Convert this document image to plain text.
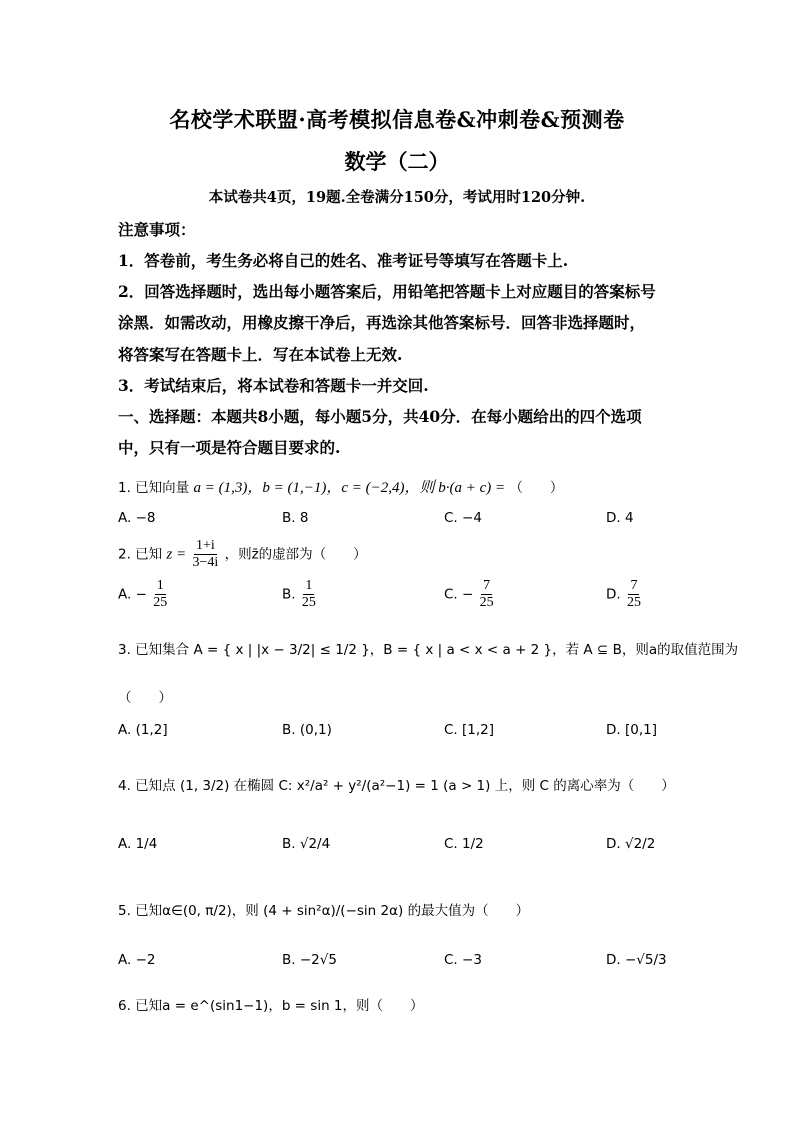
名校学术联盟·高考模拟信息卷&冲刺卷&预测卷
数学（二）
本试卷共4页，19题.全卷满分150分，考试用时120分钟.
注意事项：
1．答卷前，考生务必将自己的姓名、准考证号等填写在答题卡上.
2．回答选择题时，选出每小题答案后，用铅笔把答题卡上对应题目的答案标号
涂黑．如需改动，用橡皮擦干净后，再选涂其他答案标号．回答非选择题时，
将答案写在答题卡上．写在本试卷上无效.
3．考试结束后，将本试卷和答题卡一并交回.
一、选择题：本题共8小题，每小题5分，共40分．在每小题给出的四个选项
中，只有一项是符合题目要求的.
1. 已知向量 a = (1,3)，b = (1,−1)，c = (−2,4)，则 b·(a + c) = （　　）
A. −8	B. 8	C. −4	D. 4
2. 已知 $z = \frac{1+i}{3-4i}$ ，则z̄的虚部为（　　）
A. − $\frac{1}{25}$	B. $\frac{1}{25}$	C. − $\frac{7}{25}$	D. $\frac{7}{25}$
3. 已知集合 A = { x | |x − 3/2| ≤ 1/2 }，B = { x | a < x < a + 2 }，若 A ⊆ B，则a的取值范围为
（　　）
A. (1,2]	B. (0,1)	C. [1,2]	D. [0,1]
4. 已知点 (1, 3/2) 在椭圆 C: x²/a² + y²/(a²−1) = 1 (a > 1) 上，则 C 的离心率为（　　）
A. 1/4	B. √2/4	C. 1/2	D. √2/2
5. 已知α∈(0, π/2)，则 (4 + sin²α)/(−sin 2α) 的最大值为（　　）
A. −2	B. −2√5	C. −3	D. −√5/3
6. 已知a = e^(sin1−1)，b = sin 1，则（　　）
